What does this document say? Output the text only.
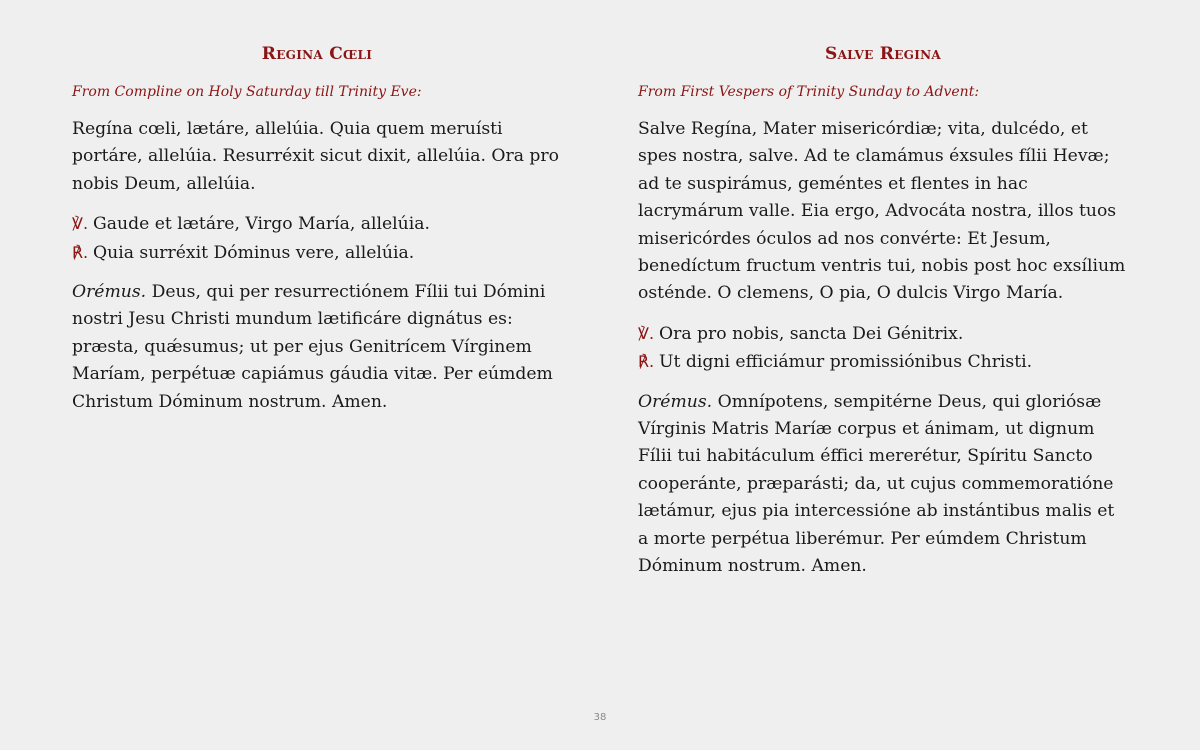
Regina Cœli

From Compline on Holy Saturday till Trinity Eve:

Regína cœli, lætáre, allelúia. Quia quem meruísti portáre, allelúia. Resurréxit sicut dixit, allelúia. Ora pro nobis Deum, allelúia.

℣. Gaude et lætáre, Virgo María, allelúia.
℟. Quia surréxit Dóminus vere, allelúia.

Orémus. Deus, qui per resurrectiónem Fílii tui Dómini nostri Jesu Christi mundum lætificáre dignátus es: præsta, quǽsumus; ut per ejus Genitrícem Vírginem Maríam, perpétuæ capiámus gáudia vitæ. Per eúmdem Christum Dóminum nostrum. Amen.

Salve Regina

From First Vespers of Trinity Sunday to Advent:

Salve Regína, Mater misericórdiæ; vita, dulcédo, et spes nostra, salve. Ad te clamámus éxsules fílii Hevæ; ad te suspirámus, geméntes et flentes in hac lacrymárum valle. Eia ergo, Advocáta nostra, illos tuos misericórdes óculos ad nos convérte: Et Jesum, benedíctum fructum ventris tui, nobis post hoc exsílium osténde. O clemens, O pia, O dulcis Virgo María.

℣. Ora pro nobis, sancta Dei Génitrix.
℟. Ut digni efficiámur promissiónibus Christi.

Orémus. Omnípotens, sempitérne Deus, qui gloriósæ Vírginis Matris Maríæ corpus et ánimam, ut dignum Fílii tui habitáculum éffici mererétur, Spíritu Sancto cooperánte, præparásti; da, ut cujus commemoratióne lætámur, ejus pia intercessióne ab instántibus malis et a morte perpétua liberémur. Per eúmdem Christum Dóminum nostrum. Amen.

38
